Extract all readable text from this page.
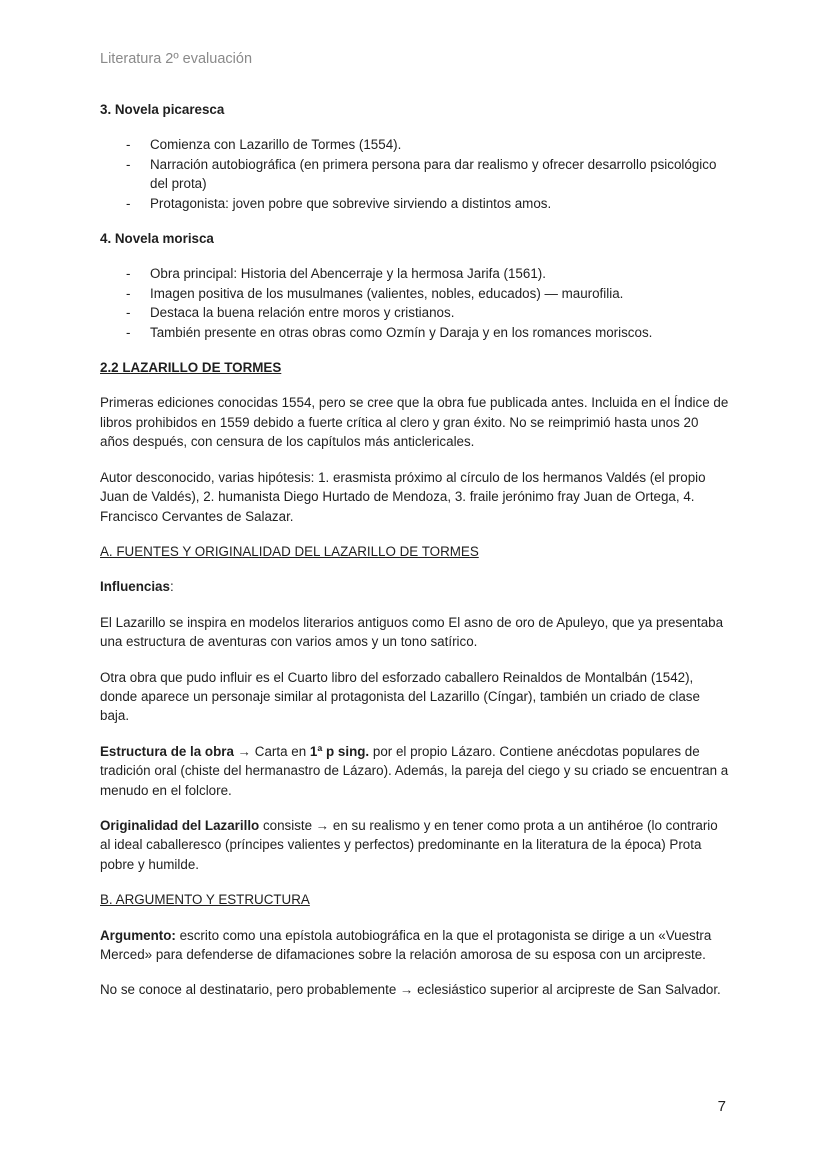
Literatura 2º evaluación
3. Novela picaresca
- Comienza con Lazarillo de Tormes (1554).
- Narración autobiográfica (en primera persona para dar realismo y ofrecer desarrollo psicológico del prota)
- Protagonista: joven pobre que sobrevive sirviendo a distintos amos.
4. Novela morisca
- Obra principal: Historia del Abencerraje y la hermosa Jarifa (1561).
- Imagen positiva de los musulmanes (valientes, nobles, educados) — maurofilia.
- Destaca la buena relación entre moros y cristianos.
- También presente en otras obras como Ozmín y Daraja y en los romances moriscos.
2.2 LAZARILLO DE TORMES

Primeras ediciones conocidas 1554, pero se cree que la obra fue publicada antes. Incluida en el Índice de libros prohibidos en 1559 debido a fuerte crítica al clero y gran éxito. No se reimprimió hasta unos 20 años después, con censura de los capítulos más anticlericales.

Autor desconocido, varias hipótesis: 1. erasmista próximo al círculo de los hermanos Valdés (el propio Juan de Valdés), 2. humanista Diego Hurtado de Mendoza, 3. fraile jerónimo fray Juan de Ortega, 4. Francisco Cervantes de Salazar.

A. FUENTES Y ORIGINALIDAD DEL LAZARILLO DE TORMES

Influencias:

El Lazarillo se inspira en modelos literarios antiguos como El asno de oro de Apuleyo, que ya presentaba una estructura de aventuras con varios amos y un tono satírico.

Otra obra que pudo influir es el Cuarto libro del esforzado caballero Reinaldos de Montalbán (1542), donde aparece un personaje similar al protagonista del Lazarillo (Cíngar), también un criado de clase baja.

Estructura de la obra → Carta en 1ª p sing. por el propio Lázaro. Contiene anécdotas populares de tradición oral (chiste del hermanastro de Lázaro). Además, la pareja del ciego y su criado se encuentran a menudo en el folclore.

Originalidad del Lazarillo consiste → en su realismo y en tener como prota a un antihéroe (lo contrario al ideal caballeresco (príncipes valientes y perfectos) predominante en la literatura de la época) Prota pobre y humilde.

B. ARGUMENTO Y ESTRUCTURA

Argumento: escrito como una epístola autobiográfica en la que el protagonista se dirige a un «Vuestra Merced» para defenderse de difamaciones sobre la relación amorosa de su esposa con un arcipreste.

No se conoce al destinatario, pero probablemente → eclesiástico superior al arcipreste de San Salvador.

7
